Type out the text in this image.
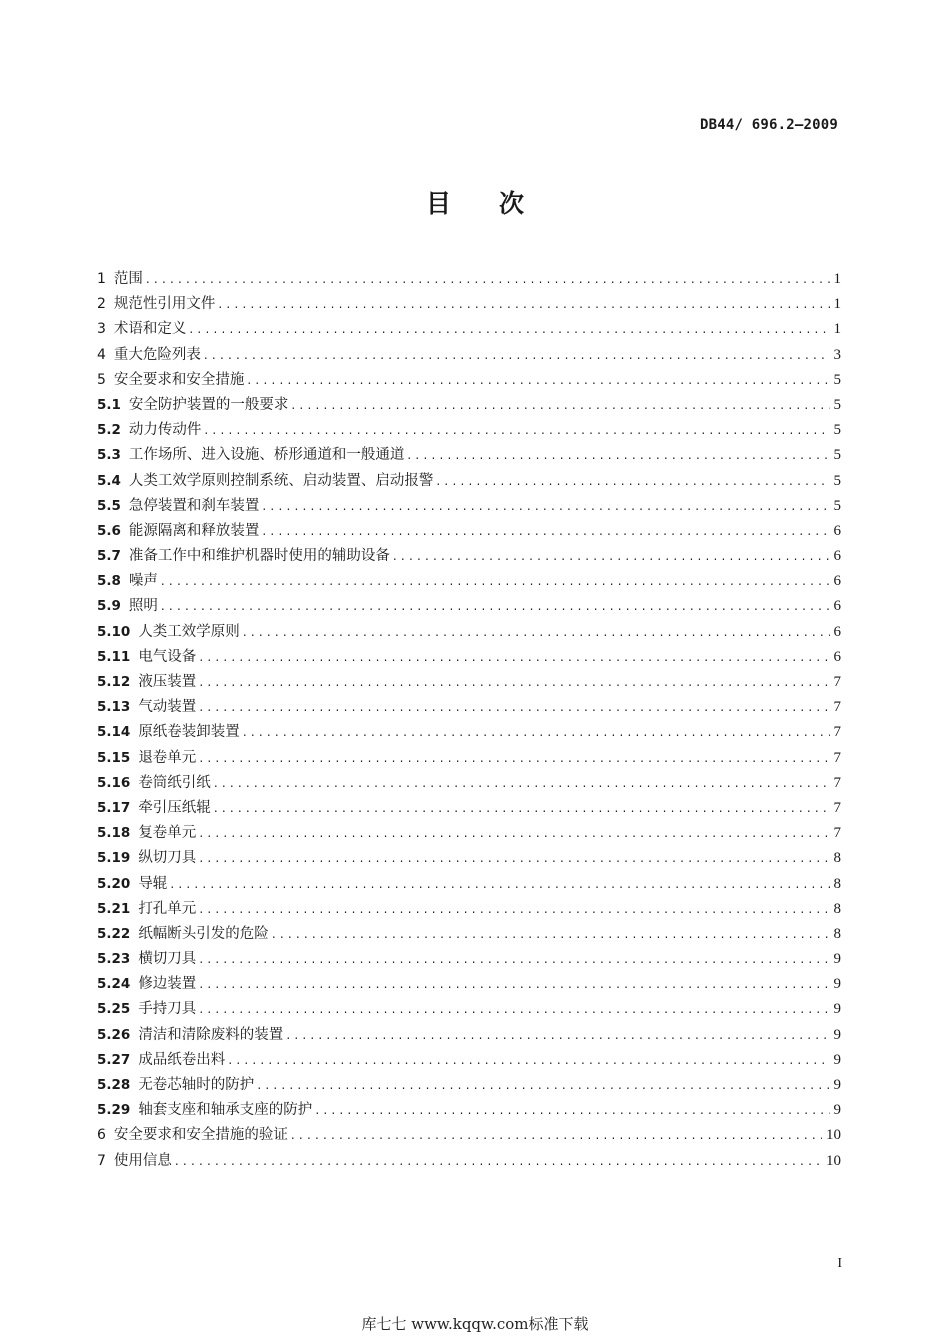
DB44/ 696.2—2009
目次
1 范围 .....	1
2 规范性引用文件 .....	1
3 术语和定义 .....	1
4 重大危险列表 .....	3
5 安全要求和安全措施 .....	5
5.1 安全防护装置的一般要求 .....	5
5.2 动力传动件 .....	5
5.3 工作场所、进入设施、桥形通道和一般通道 .....	5
5.4 人类工效学原则控制系统、启动装置、启动报警 .....	5
5.5 急停装置和刹车装置 .....	5
5.6 能源隔离和释放装置 .....	6
5.7 准备工作中和维护机器时使用的辅助设备 .....	6
5.8 噪声 .....	6
5.9 照明 .....	6
5.10 人类工效学原则 .....	6
5.11 电气设备 .....	6
5.12 液压装置 .....	7
5.13 气动装置 .....	7
5.14 原纸卷装卸装置 .....	7
5.15 退卷单元 .....	7
5.16 卷筒纸引纸 .....	7
5.17 牵引压纸辊 .....	7
5.18 复卷单元 .....	7
5.19 纵切刀具 .....	8
5.20 导辊 .....	8
5.21 打孔单元 .....	8
5.22 纸幅断头引发的危险 .....	8
5.23 横切刀具 .....	9
5.24 修边装置 .....	9
5.25 手持刀具 .....	9
5.26 清洁和清除废料的装置 .....	9
5.27 成品纸卷出料 .....	9
5.28 无卷芯轴时的防护 .....	9
5.29 轴套支座和轴承支座的防护 .....	9
6 安全要求和安全措施的验证 .....	10
7 使用信息 .....	10
I
库七七 www.kqqw.com标准下载
